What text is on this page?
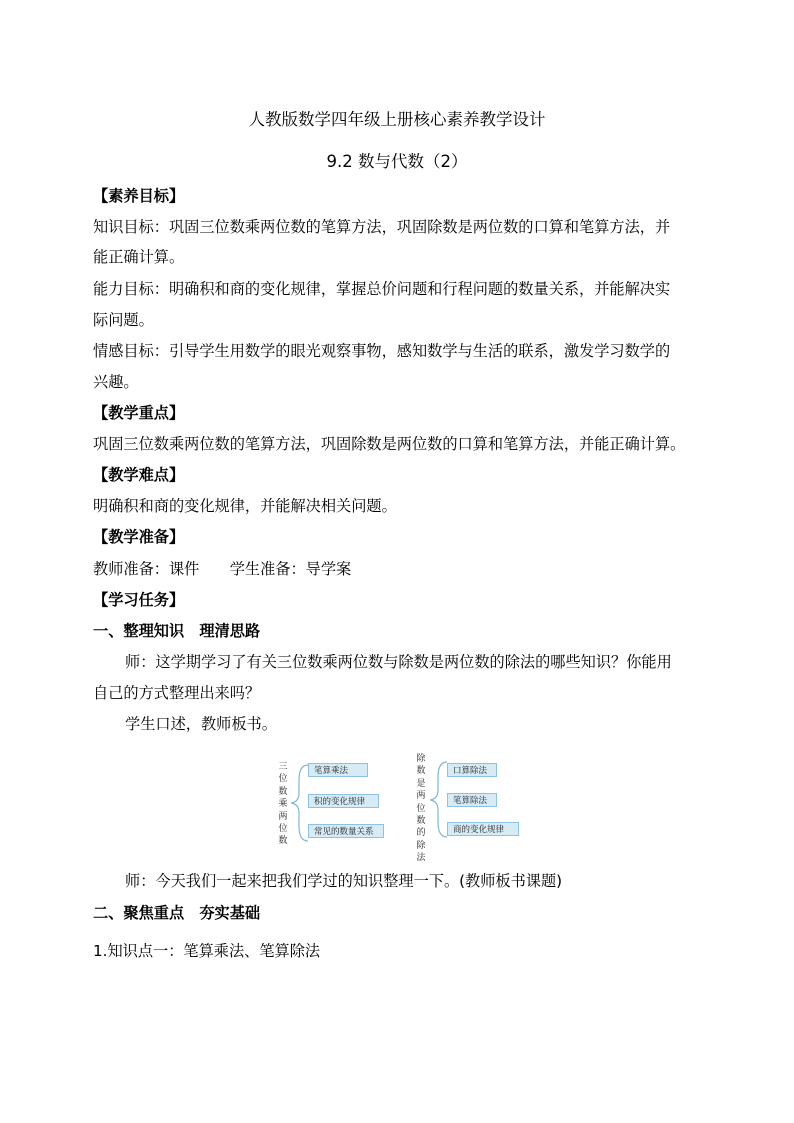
人教版数学四年级上册核心素养教学设计
9.2 数与代数（2）
【素养目标】
知识目标：巩固三位数乘两位数的笔算方法，巩固除数是两位数的口算和笔算方法，并
能正确计算。
能力目标：明确积和商的变化规律，掌握总价问题和行程问题的数量关系，并能解决实
际问题。
情感目标：引导学生用数学的眼光观察事物，感知数学与生活的联系，激发学习数学的
兴趣。
【教学重点】
巩固三位数乘两位数的笔算方法，巩固除数是两位数的口算和笔算方法，并能正确计算。
【教学难点】
明确积和商的变化规律，并能解决相关问题。
【教学准备】
教师准备：课件　　学生准备：导学案
【学习任务】
一、整理知识　理清思路
师：这学期学习了有关三位数乘两位数与除数是两位数的除法的哪些知识？你能用
自己的方式整理出来吗？
学生口述，教师板书。
三位数乘两位数
笔算乘法
积的变化规律
常见的数量关系
除数是两位数的除法
口算除法
笔算除法
商的变化规律
师：今天我们一起来把我们学过的知识整理一下。(教师板书课题)
二、聚焦重点　夯实基础
1.知识点一：笔算乘法、笔算除法
